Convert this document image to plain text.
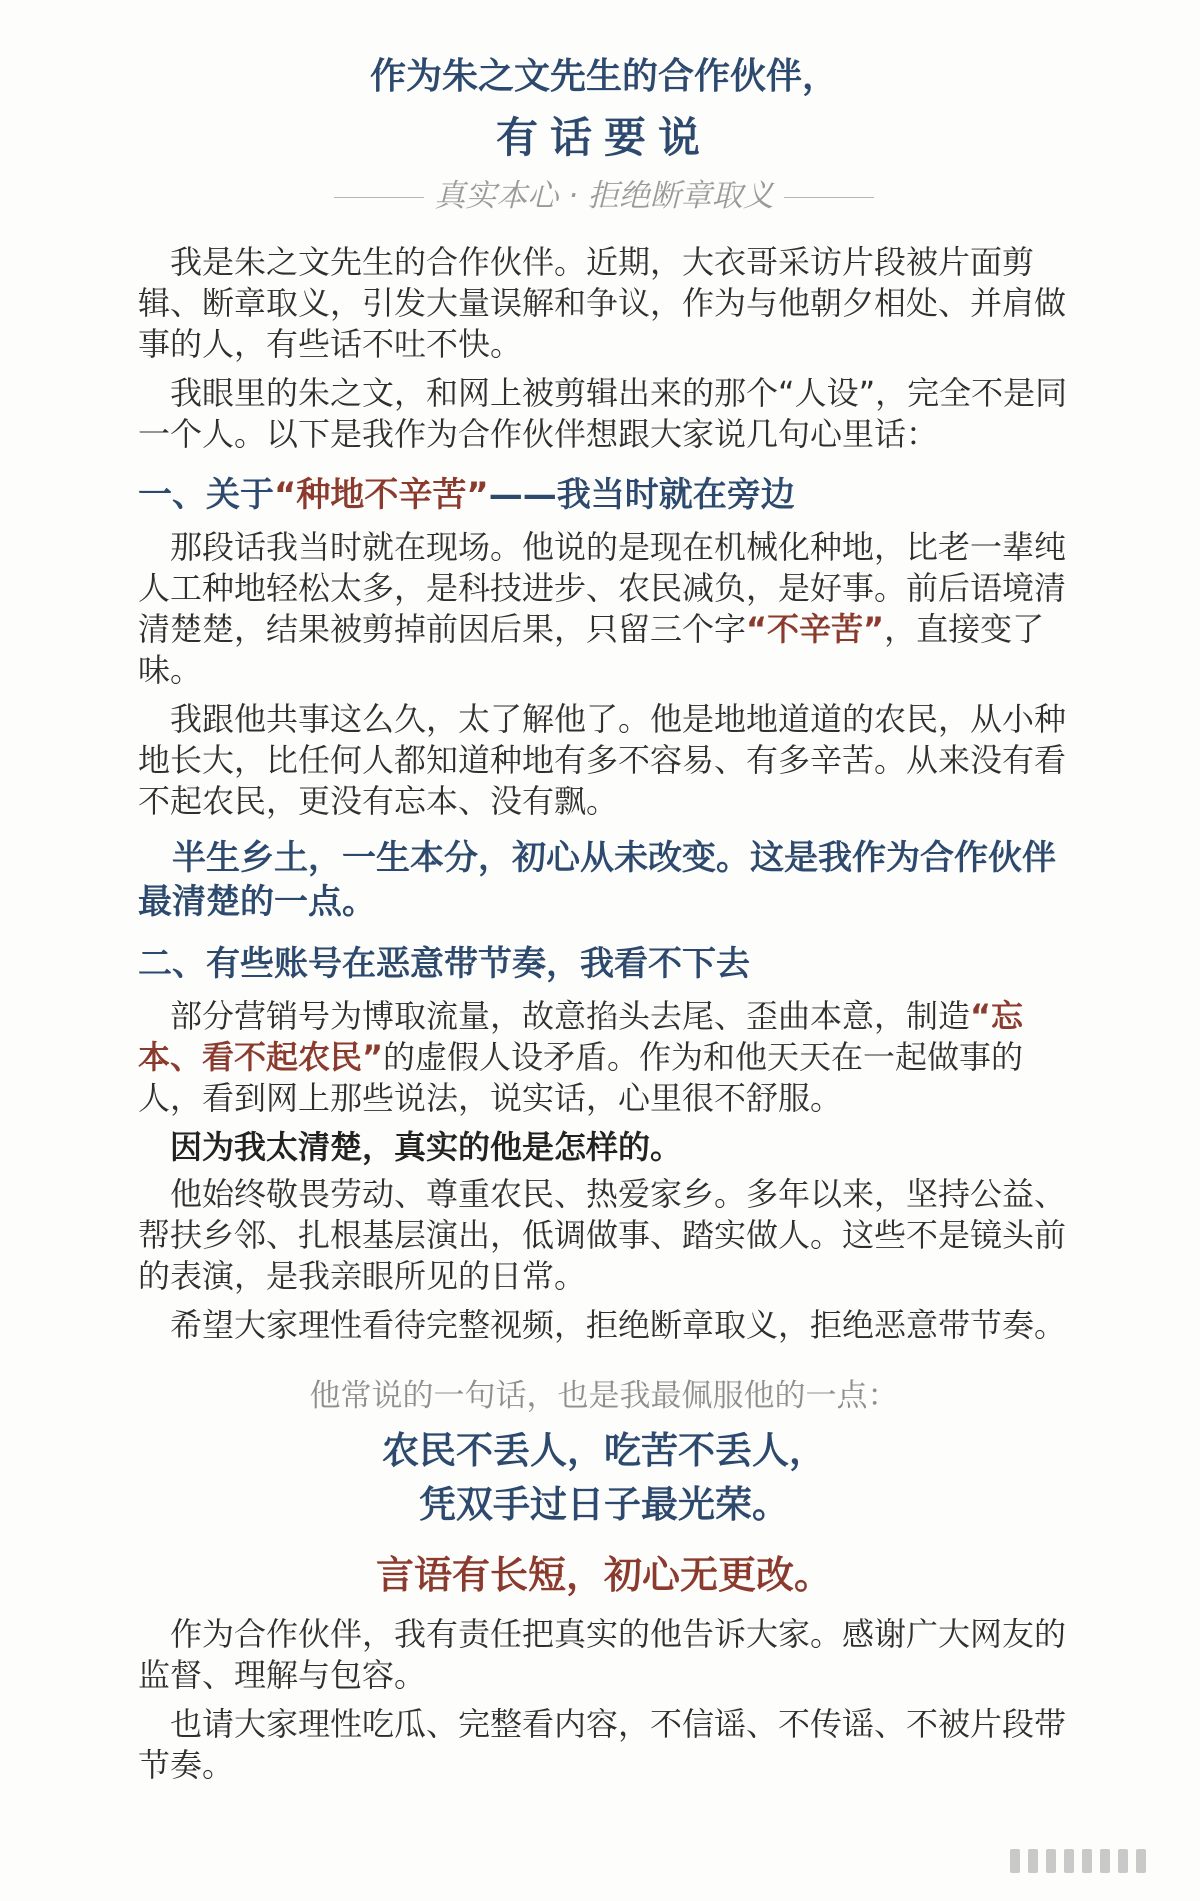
作为朱之文先生的合作伙伴，
有话要说
真实本心 · 拒绝断章取义

我是朱之文先生的合作伙伴。近期，大衣哥采访片段被片面剪辑、断章取义，引发大量误解和争议，作为与他朝夕相处、并肩做事的人，有些话不吐不快。

我眼里的朱之文，和网上被剪辑出来的那个“人设”，完全不是同一个人。以下是我作为合作伙伴想跟大家说几句心里话：

一、关于“种地不辛苦”——我当时就在旁边

那段话我当时就在现场。他说的是现在机械化种地，比老一辈纯人工种地轻松太多，是科技进步、农民减负，是好事。前后语境清清楚楚，结果被剪掉前因后果，只留三个字“不辛苦”，直接变了味。

我跟他共事这么久，太了解他了。他是地地道道的农民，从小种地长大，比任何人都知道种地有多不容易、有多辛苦。从来没有看不起农民，更没有忘本、没有飘。

半生乡土，一生本分，初心从未改变。这是我作为合作伙伴最清楚的一点。

二、有些账号在恶意带节奏，我看不下去

部分营销号为博取流量，故意掐头去尾、歪曲本意，制造“忘本、看不起农民”的虚假人设矛盾。作为和他天天在一起做事的人，看到网上那些说法，说实话，心里很不舒服。

因为我太清楚，真实的他是怎样的。

他始终敬畏劳动、尊重农民、热爱家乡。多年以来，坚持公益、帮扶乡邻、扎根基层演出，低调做事、踏实做人。这些不是镜头前的表演，是我亲眼所见的日常。

希望大家理性看待完整视频，拒绝断章取义，拒绝恶意带节奏。

他常说的一句话，也是我最佩服他的一点：

农民不丢人，吃苦不丢人，

凭双手过日子最光荣。

言语有长短，初心无更改。

作为合作伙伴，我有责任把真实的他告诉大家。感谢广大网友的监督、理解与包容。

也请大家理性吃瓜、完整看内容，不信谣、不传谣、不被片段带节奏。
